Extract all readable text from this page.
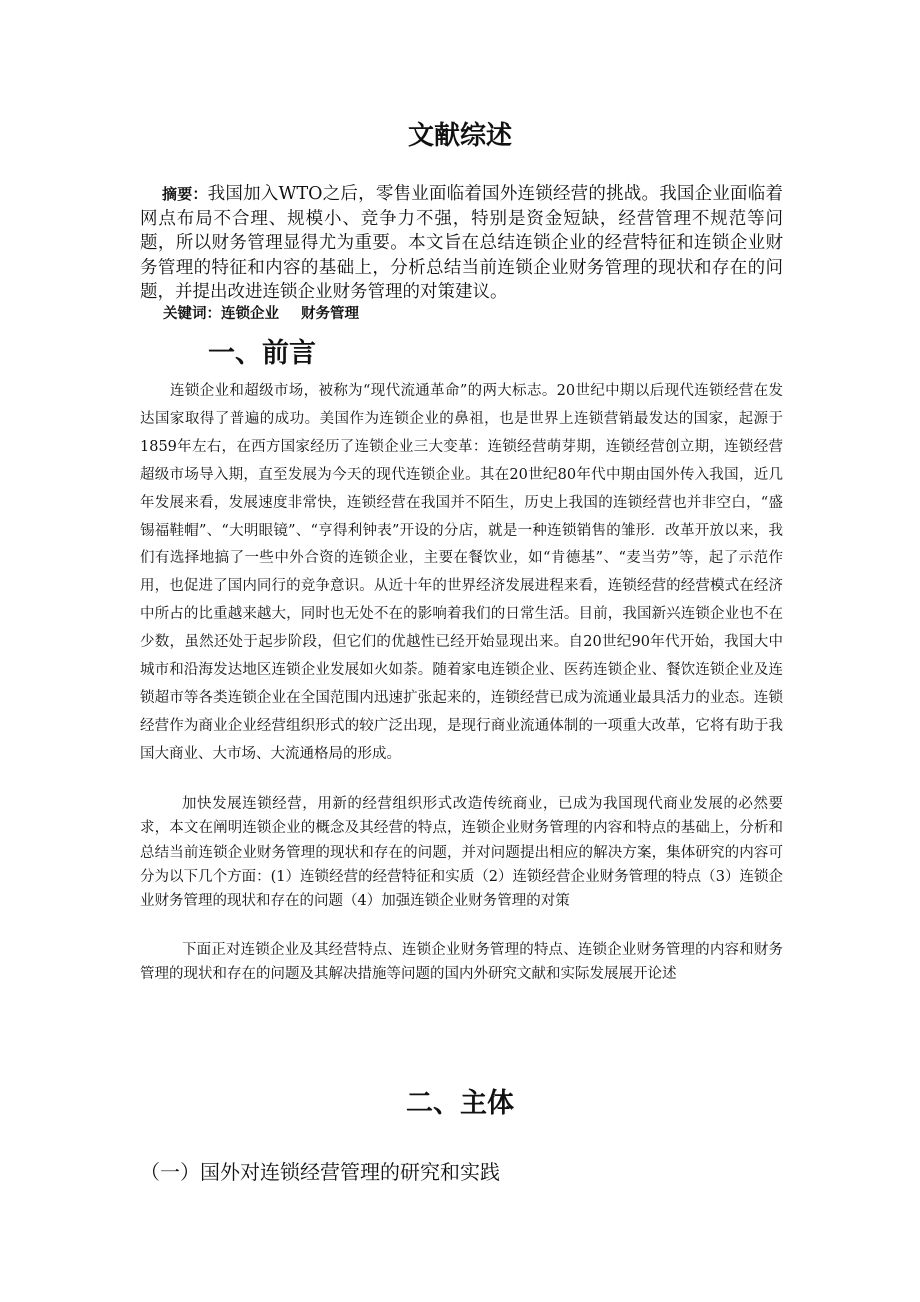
文献综述

摘要：我国加入WTO之后，零售业面临着国外连锁经营的挑战。我国企业面临着网点布局不合理、规模小、竞争力不强，特别是资金短缺，经营管理不规范等问题，所以财务管理显得尤为重要。本文旨在总结连锁企业的经营特征和连锁企业财务管理的特征和内容的基础上，分析总结当前连锁企业财务管理的现状和存在的问题，并提出改进连锁企业财务管理的对策建议。

关键词：连锁企业 财务管理

一、前言

连锁企业和超级市场，被称为“现代流通革命”的两大标志。20世纪中期以后现代连锁经营在发达国家取得了普遍的成功。美国作为连锁企业的鼻祖，也是世界上连锁营销最发达的国家，起源于1859年左右，在西方国家经历了连锁企业三大变革：连锁经营萌芽期，连锁经营创立期，连锁经营超级市场导入期，直至发展为今天的现代连锁企业。其在20世纪80年代中期由国外传入我国，近几年发展来看，发展速度非常快，连锁经营在我国并不陌生，历史上我国的连锁经营也并非空白，“盛锡福鞋帽”、“大明眼镜”、“亨得利钟表”开设的分店，就是一种连锁销售的雏形．改革开放以来，我们有选择地搞了一些中外合资的连锁企业，主要在餐饮业，如“肯德基”、“麦当劳”等，起了示范作用，也促进了国内同行的竞争意识。从近十年的世界经济发展进程来看，连锁经营的经营模式在经济中所占的比重越来越大，同时也无处不在的影响着我们的日常生活。目前，我国新兴连锁企业也不在少数，虽然还处于起步阶段，但它们的优越性已经开始显现出来。自20世纪90年代开始，我国大中城市和沿海发达地区连锁企业发展如火如荼。随着家电连锁企业、医药连锁企业、餐饮连锁企业及连锁超市等各类连锁企业在全国范围内迅速扩张起来的，连锁经营已成为流通业最具活力的业态。连锁经营作为商业企业经营组织形式的较广泛出现，是现行商业流通体制的一项重大改革，它将有助于我国大商业、大市场、大流通格局的形成。

加快发展连锁经营，用新的经营组织形式改造传统商业，已成为我国现代商业发展的必然要求，本文在阐明连锁企业的概念及其经营的特点，连锁企业财务管理的内容和特点的基础上，分析和总结当前连锁企业财务管理的现状和存在的问题，并对问题提出相应的解决方案，集体研究的内容可分为以下几个方面：(1）连锁经营的经营特征和实质（2）连锁经营企业财务管理的特点（3）连锁企业财务管理的现状和存在的问题（4）加强连锁企业财务管理的对策

下面正对连锁企业及其经营特点、连锁企业财务管理的特点、连锁企业财务管理的内容和财务管理的现状和存在的问题及其解决措施等问题的国内外研究文献和实际发展展开论述

二、主体

（一）国外对连锁经营管理的研究和实践
